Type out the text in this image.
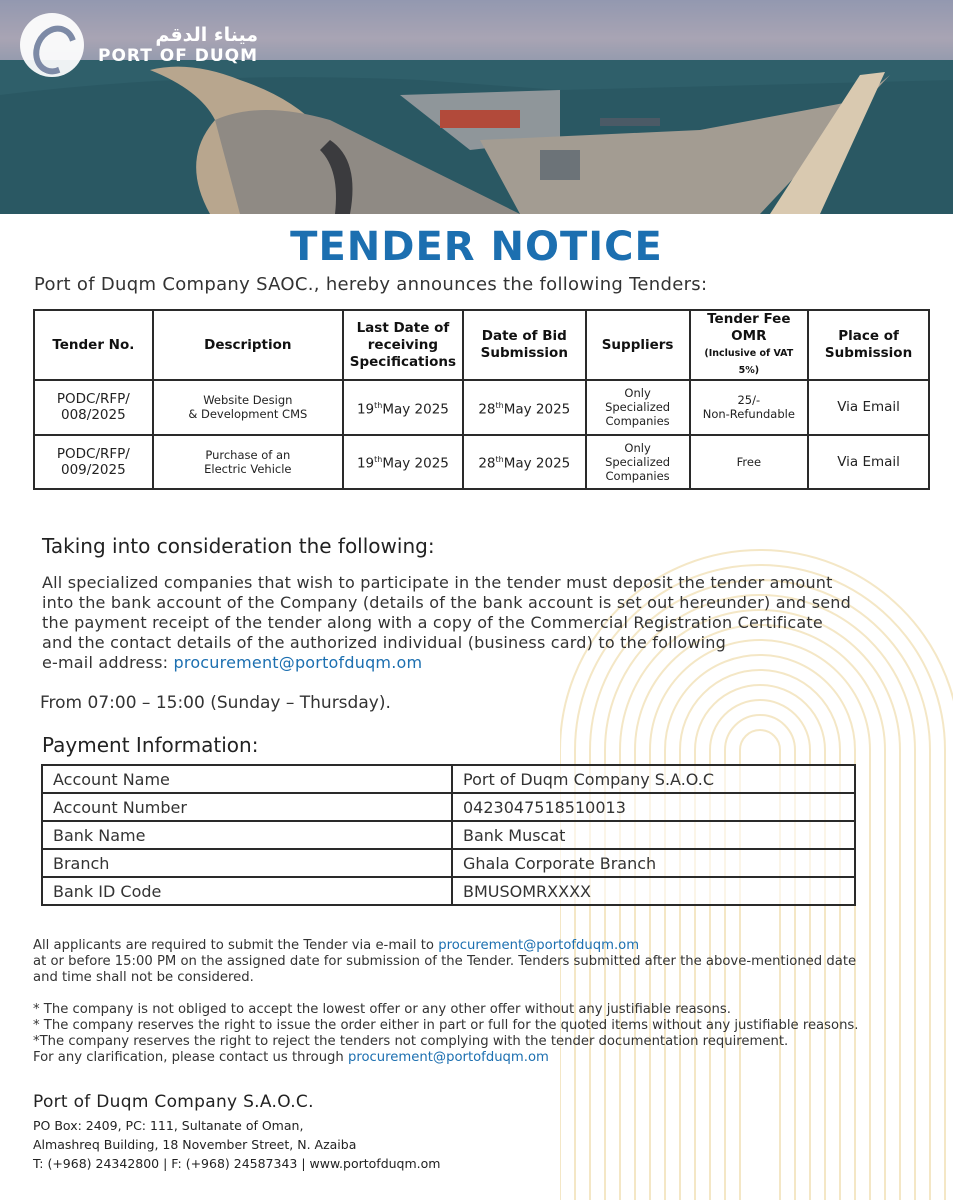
ميناء الدقم
PORT OF DUQM
TENDER NOTICE
Port of Duqm Company SAOC., hereby announces the following Tenders:
Tender No.	Description	Last Date of
receiving
Specifications	Date of Bid
Submission	Suppliers	Tender Fee
OMR
(Inclusive of VAT 5%)	Place of
Submission
PODC/RFP/
008/2025	Website Design
& Development CMS	19thMay 2025	28thMay 2025	Only
Specialized
Companies	25/-
Non-Refundable	Via Email
PODC/RFP/
009/2025	Purchase of an
Electric Vehicle	19thMay 2025	28thMay 2025	Only
Specialized
Companies	Free	Via Email
Taking into consideration the following:
All specialized companies that wish to participate in the tender must deposit the tender amount
into the bank account of the Company (details of the bank account is set out hereunder) and send
the payment receipt of the tender along with a copy of the Commercial Registration Certificate
and the contact details of the authorized individual (business card) to the following
e-mail address: procurement@portofduqm.om
From 07:00 – 15:00 (Sunday – Thursday).
Payment Information:
Account Name	Port of Duqm Company S.A.O.C
Account Number	0423047518510013
Bank Name	Bank Muscat
Branch	Ghala Corporate Branch
Bank ID Code	BMUSOMRXXXX
All applicants are required to submit the Tender via e-mail to procurement@portofduqm.om
at or before 15:00 PM on the assigned date for submission of the Tender. Tenders submitted after the above-mentioned date
and time shall not be considered.
* The company is not obliged to accept the lowest offer or any other offer without any justifiable reasons.
* The company reserves the right to issue the order either in part or full for the quoted items without any justifiable reasons.
*The company reserves the right to reject the tenders not complying with the tender documentation requirement.
For any clarification, please contact us through procurement@portofduqm.om
Port of Duqm Company S.A.O.C.
PO Box: 2409, PC: 111, Sultanate of Oman,
Almashreq Building, 18 November Street, N. Azaiba
T: (+968) 24342800 | F: (+968) 24587343 | www.portofduqm.om
